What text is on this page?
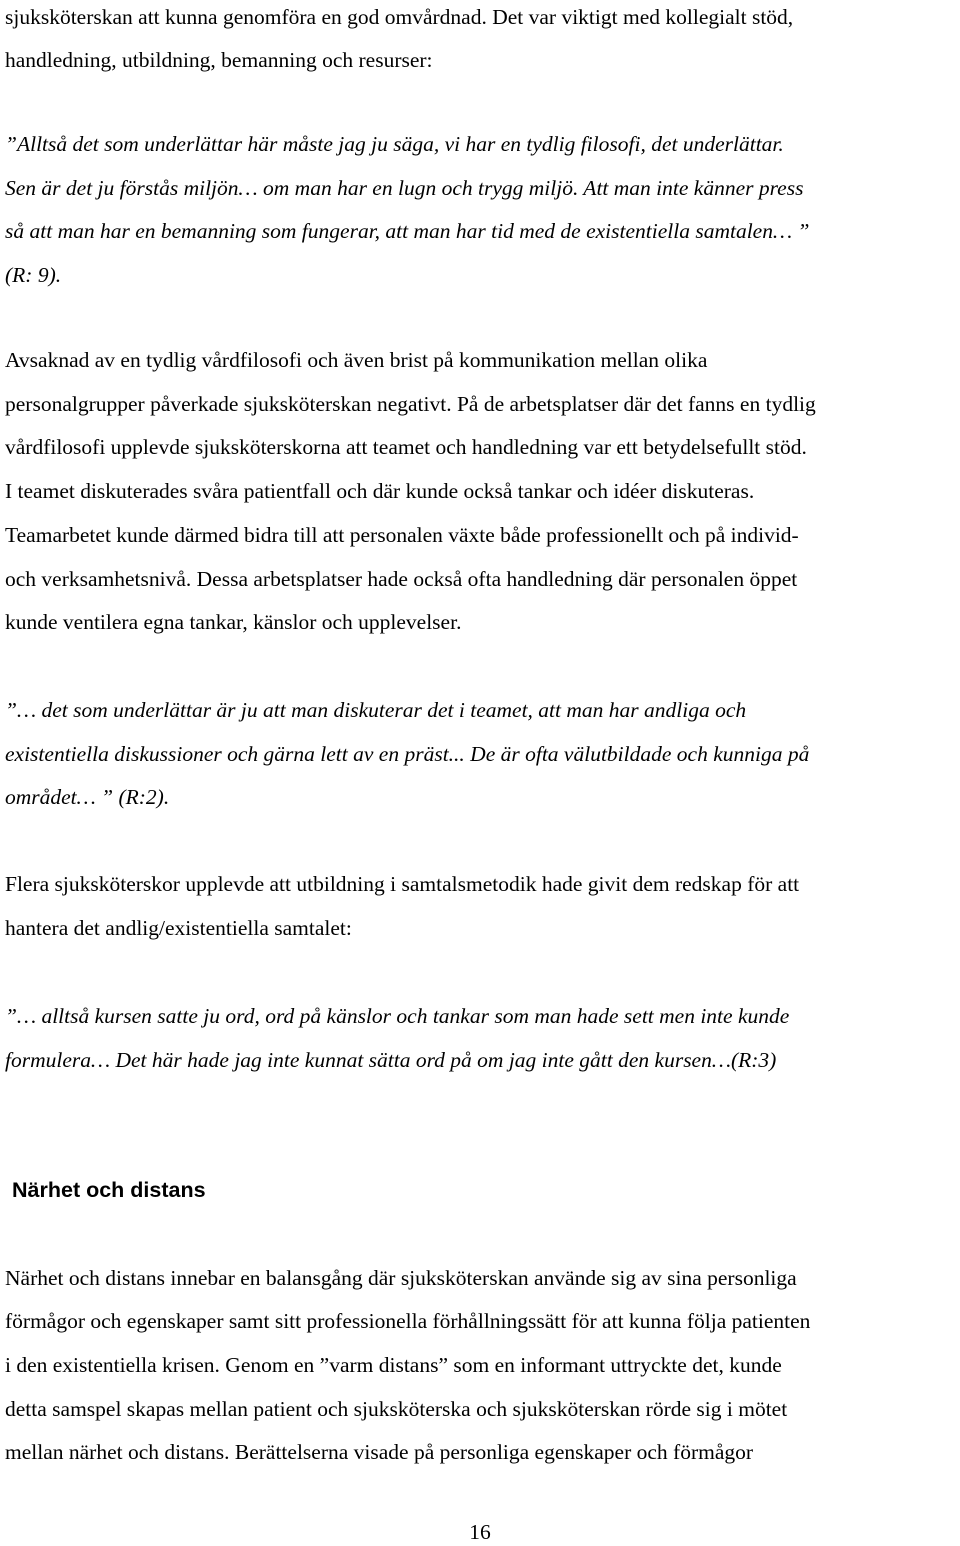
sjuksköterskan att kunna genomföra en god omvårdnad. Det var viktigt med kollegialt stöd,

handledning, utbildning, bemanning och resurser:

”Alltså det som underlättar här måste jag ju säga, vi har en tydlig filosofi, det underlättar.

Sen är det ju förstås miljön… om man har en lugn och trygg miljö. Att man inte känner press

så att man har en bemanning som fungerar, att man har tid med de existentiella samtalen… ”

(R: 9).

Avsaknad av en tydlig vårdfilosofi och även brist på kommunikation mellan olika

personalgrupper påverkade sjuksköterskan negativt. På de arbetsplatser där det fanns en tydlig

vårdfilosofi upplevde sjuksköterskorna att teamet och handledning var ett betydelsefullt stöd.

I teamet diskuterades svåra patientfall och där kunde också tankar och idéer diskuteras.

Teamarbetet kunde därmed bidra till att personalen växte både professionellt och på individ-

och verksamhetsnivå. Dessa arbetsplatser hade också ofta handledning där personalen öppet

kunde ventilera egna tankar, känslor och upplevelser.

”… det som underlättar är ju att man diskuterar det i teamet, att man har andliga och

existentiella diskussioner och gärna lett av en präst... De är ofta välutbildade och kunniga på

området… ” (R:2).

Flera sjuksköterskor upplevde att utbildning i samtalsmetodik hade givit dem redskap för att

hantera det andlig/existentiella samtalet:

”… alltså kursen satte ju ord, ord på känslor och tankar som man hade sett men inte kunde

formulera… Det här hade jag inte kunnat sätta ord på om jag inte gått den kursen…(R:3)

Närhet och distans

Närhet och distans innebar en balansgång där sjuksköterskan använde sig av sina personliga

förmågor och egenskaper samt sitt professionella förhållningssätt för att kunna följa patienten

i den existentiella krisen. Genom en ”varm distans” som en informant uttryckte det, kunde

detta samspel skapas mellan patient och sjuksköterska och sjuksköterskan rörde sig i mötet

mellan närhet och distans. Berättelserna visade på personliga egenskaper och förmågor

16
